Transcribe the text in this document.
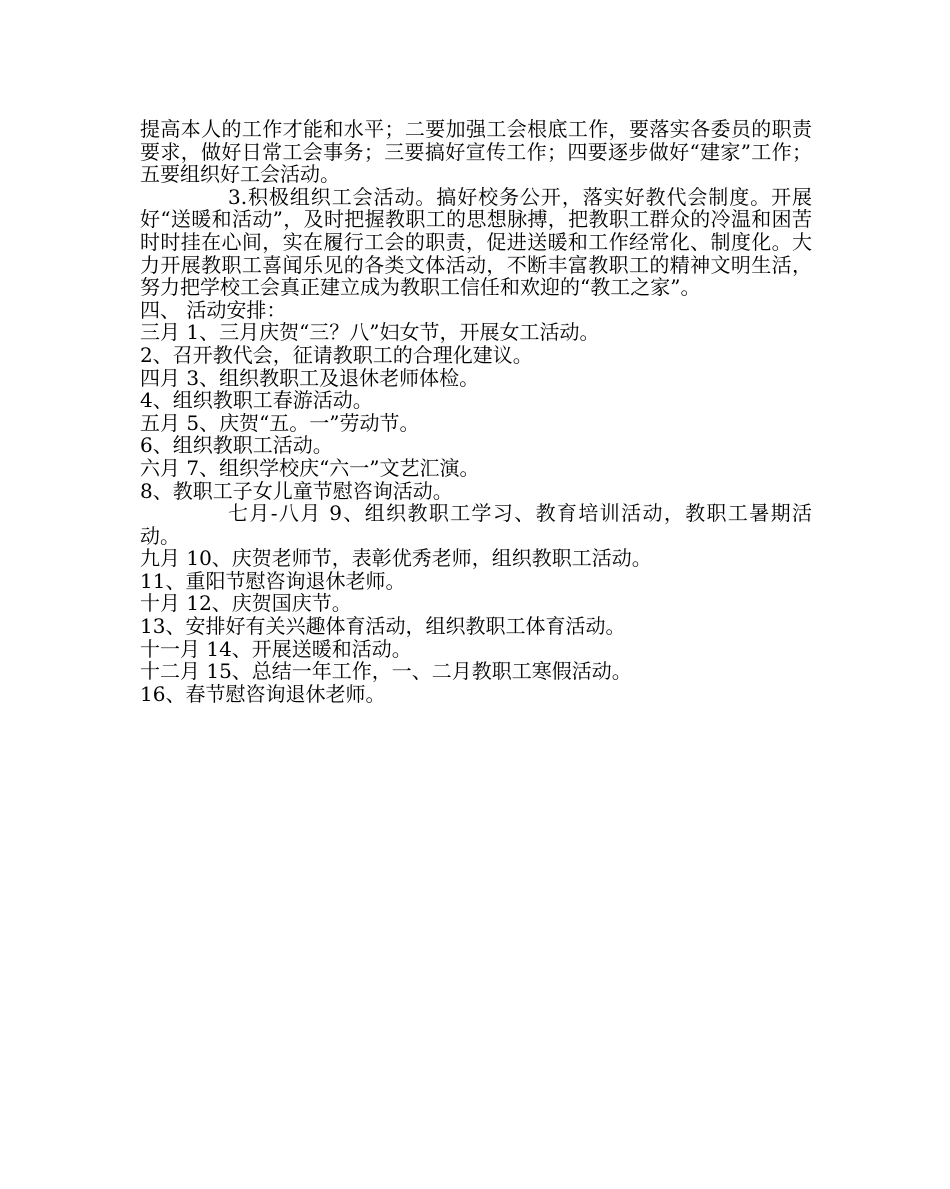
提高本人的工作才能和水平；二要加强工会根底工作，要落实各委员的职责要求，做好日常工会事务；三要搞好宣传工作；四要逐步做好“建家”工作；五要组织好工会活动。

3.积极组织工会活动。搞好校务公开，落实好教代会制度。开展好“送暖和活动”，及时把握教职工的思想脉搏，把教职工群众的冷温和困苦时时挂在心间，实在履行工会的职责，促进送暖和工作经常化、制度化。大力开展教职工喜闻乐见的各类文体活动，不断丰富教职工的精神文明生活，努力把学校工会真正建立成为教职工信任和欢迎的“教工之家”。

四、 活动安排：

三月 1、三月庆贺“三？八”妇女节，开展女工活动。

2、召开教代会，征请教职工的合理化建议。

四月 3、组织教职工及退休老师体检。

4、组织教职工春游活动。

五月 5、庆贺“五。一”劳动节。

6、组织教职工活动。

六月 7、组织学校庆“六一”文艺汇演。

8、教职工子女儿童节慰咨询活动。

七月-八月 9、组织教职工学习、教育培训活动，教职工暑期活动。

九月 10、庆贺老师节，表彰优秀老师，组织教职工活动。

11、重阳节慰咨询退休老师。

十月 12、庆贺国庆节。

13、安排好有关兴趣体育活动，组织教职工体育活动。

十一月 14、开展送暖和活动。

十二月 15、总结一年工作，一、二月教职工寒假活动。

16、春节慰咨询退休老师。
